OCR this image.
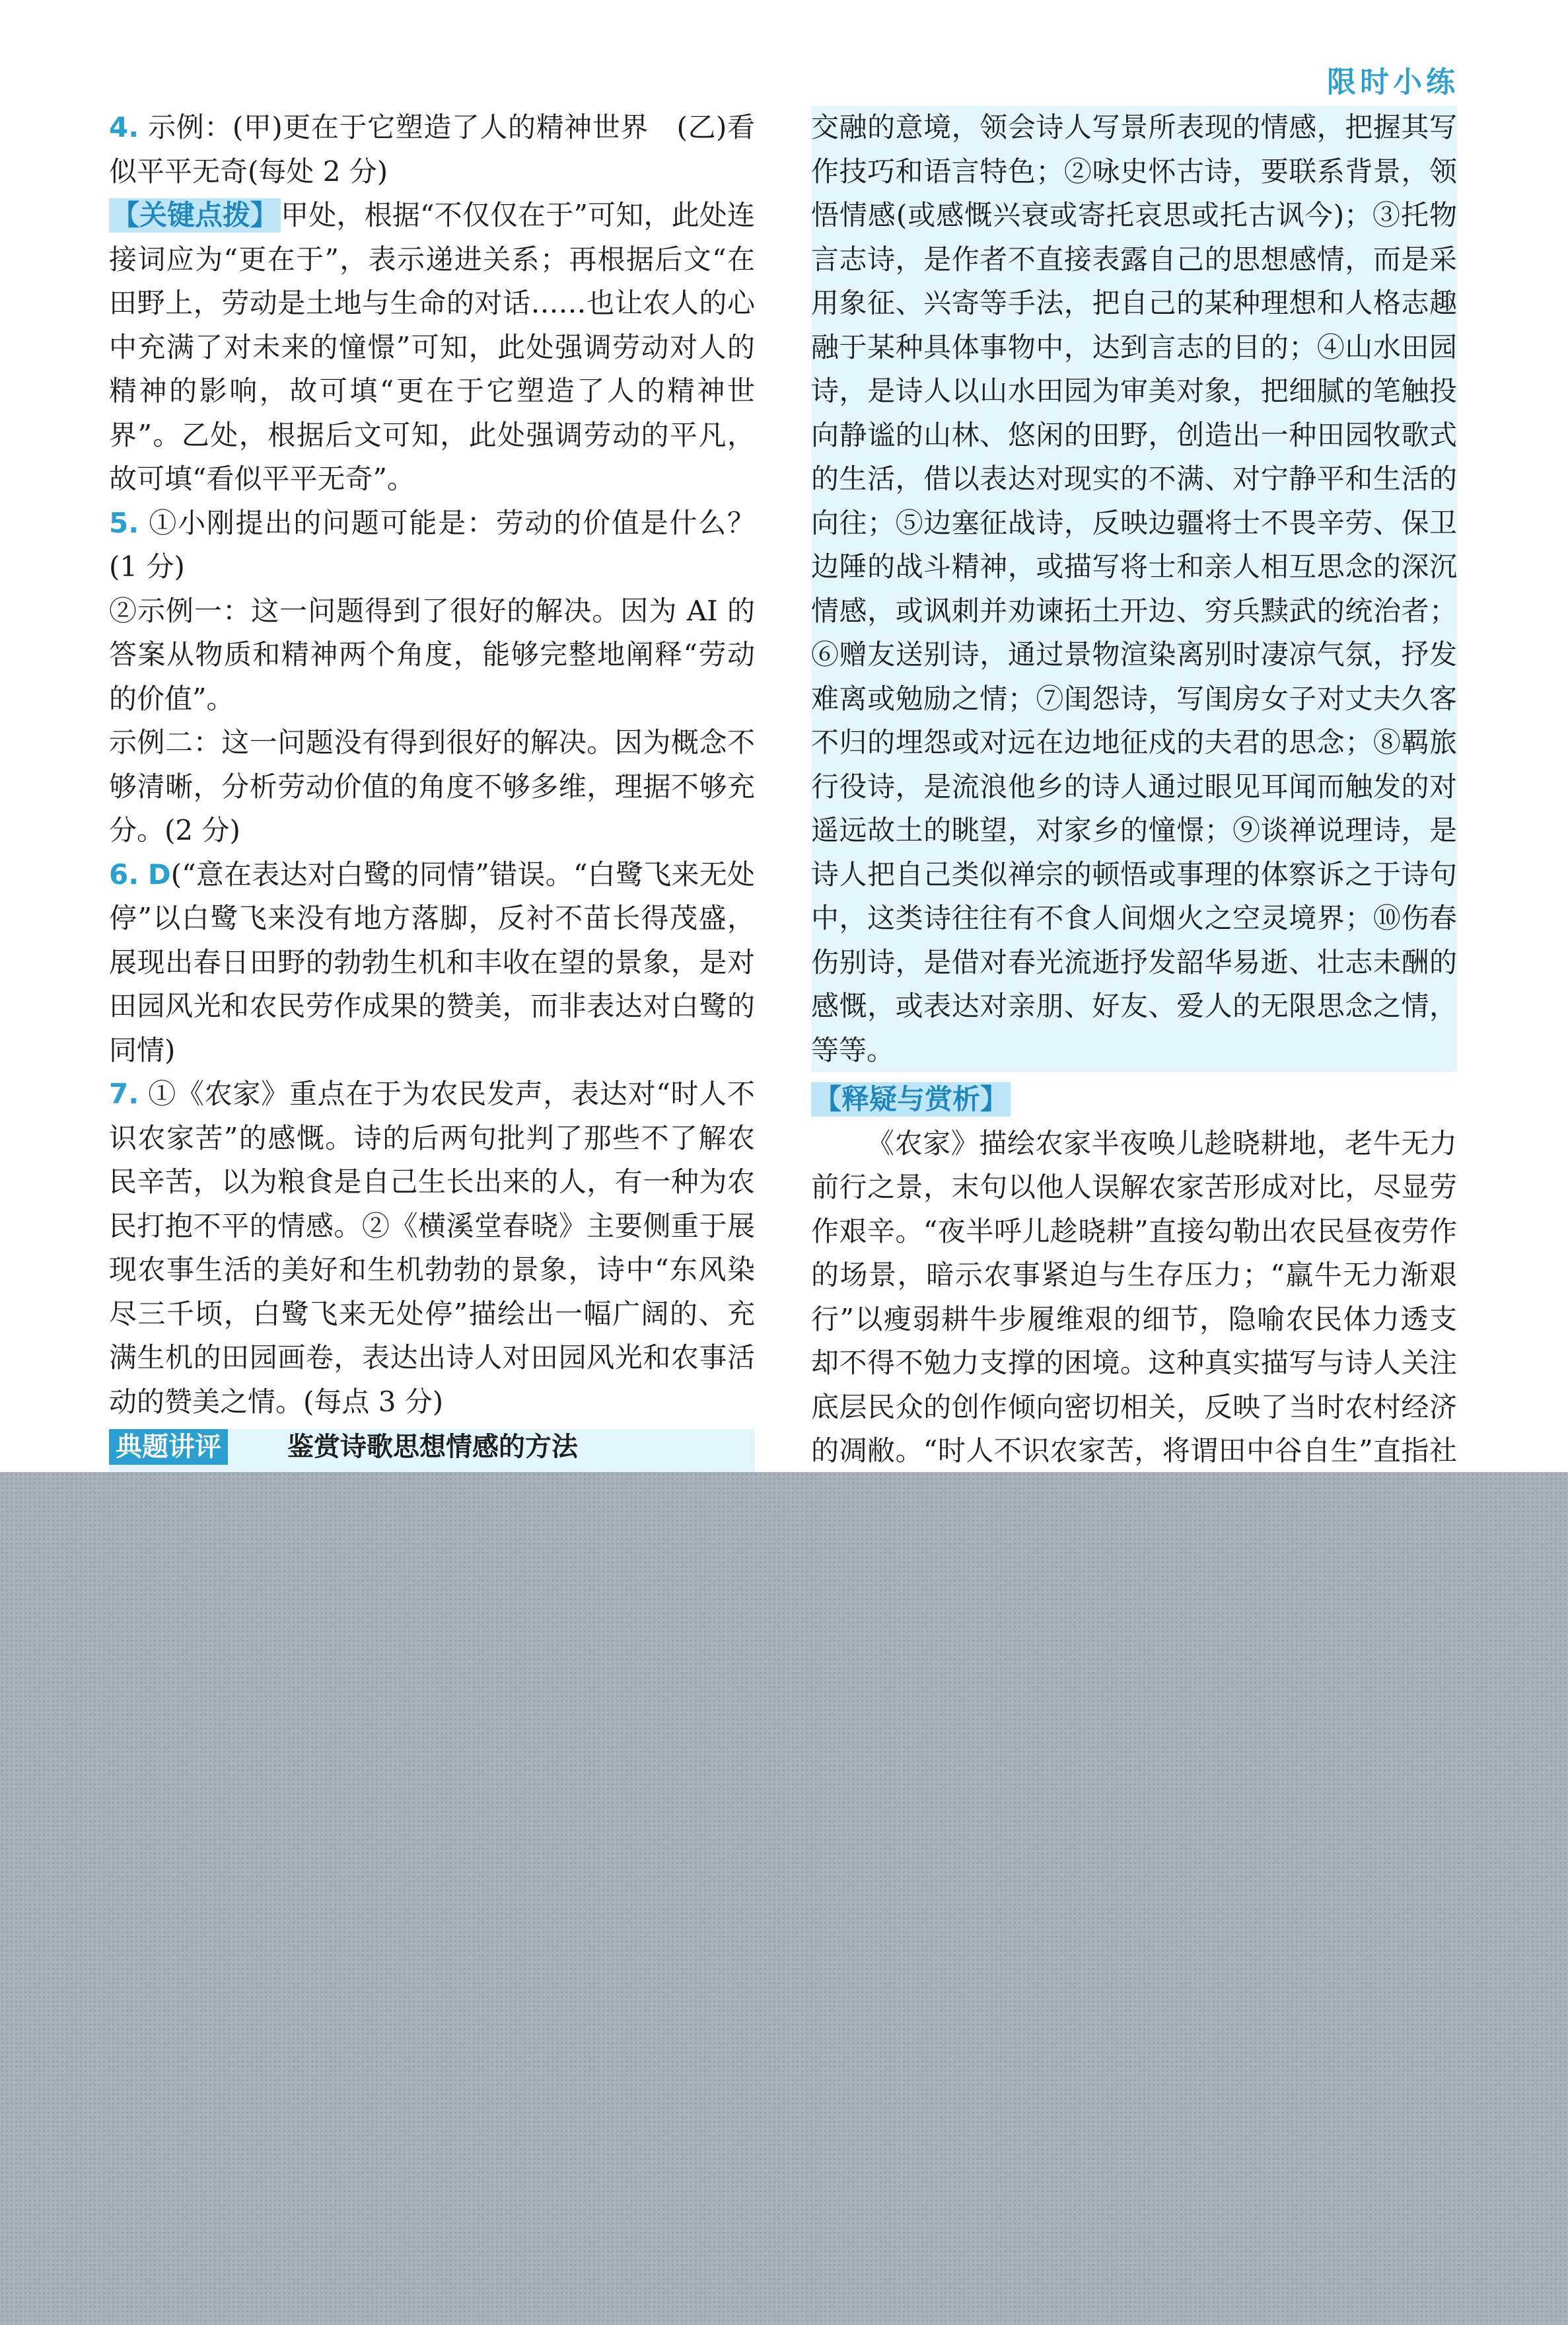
限时小练

4. 示例：(甲)更在于它塑造了人的精神世界　(乙)看似平平无奇(每处 2 分)

【关键点拨】甲处，根据“不仅仅在于”可知，此处连接词应为“更在于”，表示递进关系；再根据后文“在田野上，劳动是土地与生命的对话……也让农人的心中充满了对未来的憧憬”可知，此处强调劳动对人的精神的影响，故可填“更在于它塑造了人的精神世界”。乙处，根据后文可知，此处强调劳动的平凡，故可填“看似平平无奇”。

5. ①小刚提出的问题可能是：劳动的价值是什么？(1 分)

②示例一：这一问题得到了很好的解决。因为 AI 的答案从物质和精神两个角度，能够完整地阐释“劳动的价值”。

示例二：这一问题没有得到很好的解决。因为概念不够清晰，分析劳动价值的角度不够多维，理据不够充分。(2 分)

6. D(“意在表达对白鹭的同情”错误。“白鹭飞来无处停”以白鹭飞来没有地方落脚，反衬不苗长得茂盛，展现出春日田野的勃勃生机和丰收在望的景象，是对田园风光和农民劳作成果的赞美，而非表达对白鹭的同情)

7. ①《农家》重点在于为农民发声，表达对“时人不识农家苦”的感慨。诗的后两句批判了那些不了解农民辛苦，以为粮食是自己生长出来的人，有一种为农民打抱不平的情感。②《横溪堂春晓》主要侧重于展现农事生活的美好和生机勃勃的景象，诗中“东风染尽三千顷，白鹭飞来无处停”描绘出一幅广阔的、充满生机的田园画卷，表达出诗人对田园风光和农事活动的赞美之情。(每点 3 分)

典题讲评	鉴赏诗歌思想情感的方法

交融的意境，领会诗人写景所表现的情感，把握其写作技巧和语言特色；②咏史怀古诗，要联系背景，领悟情感(或感慨兴衰或寄托哀思或托古讽今)；③托物言志诗，是作者不直接表露自己的思想感情，而是采用象征、兴寄等手法，把自己的某种理想和人格志趣融于某种具体事物中，达到言志的目的；④山水田园诗，是诗人以山水田园为审美对象，把细腻的笔触投向静谧的山林、悠闲的田野，创造出一种田园牧歌式的生活，借以表达对现实的不满、对宁静平和生活的向往；⑤边塞征战诗，反映边疆将士不畏辛劳、保卫边陲的战斗精神，或描写将士和亲人相互思念的深沉情感，或讽刺并劝谏拓土开边、穷兵黩武的统治者；⑥赠友送别诗，通过景物渲染离别时凄凉气氛，抒发难离或勉励之情；⑦闺怨诗，写闺房女子对丈夫久客不归的埋怨或对远在边地征戍的夫君的思念；⑧羁旅行役诗，是流浪他乡的诗人通过眼见耳闻而触发的对遥远故土的眺望，对家乡的憧憬；⑨谈禅说理诗，是诗人把自己类似禅宗的顿悟或事理的体察诉之于诗句中，这类诗往往有不食人间烟火之空灵境界；⑩伤春伤别诗，是借对春光流逝抒发韶华易逝、壮志未酬的感慨，或表达对亲朋、好友、爱人的无限思念之情，等等。

【释疑与赏析】

《农家》描绘农家半夜唤儿趁晓耕地，老牛无力前行之景，末句以他人误解农家苦形成对比，尽显劳作艰辛。“夜半呼儿趁晓耕”直接勾勒出农民昼夜劳作的场景，暗示农事紧迫与生存压力；“羸牛无力渐艰行”以瘦弱耕牛步履维艰的细节，隐喻农民体力透支却不得不勉力支撑的困境。这种真实描写与诗人关注底层民众的创作倾向密切相关，反映了当时农村经济的凋敝。“时人不识农家苦，将谓田中谷自生”直指社
